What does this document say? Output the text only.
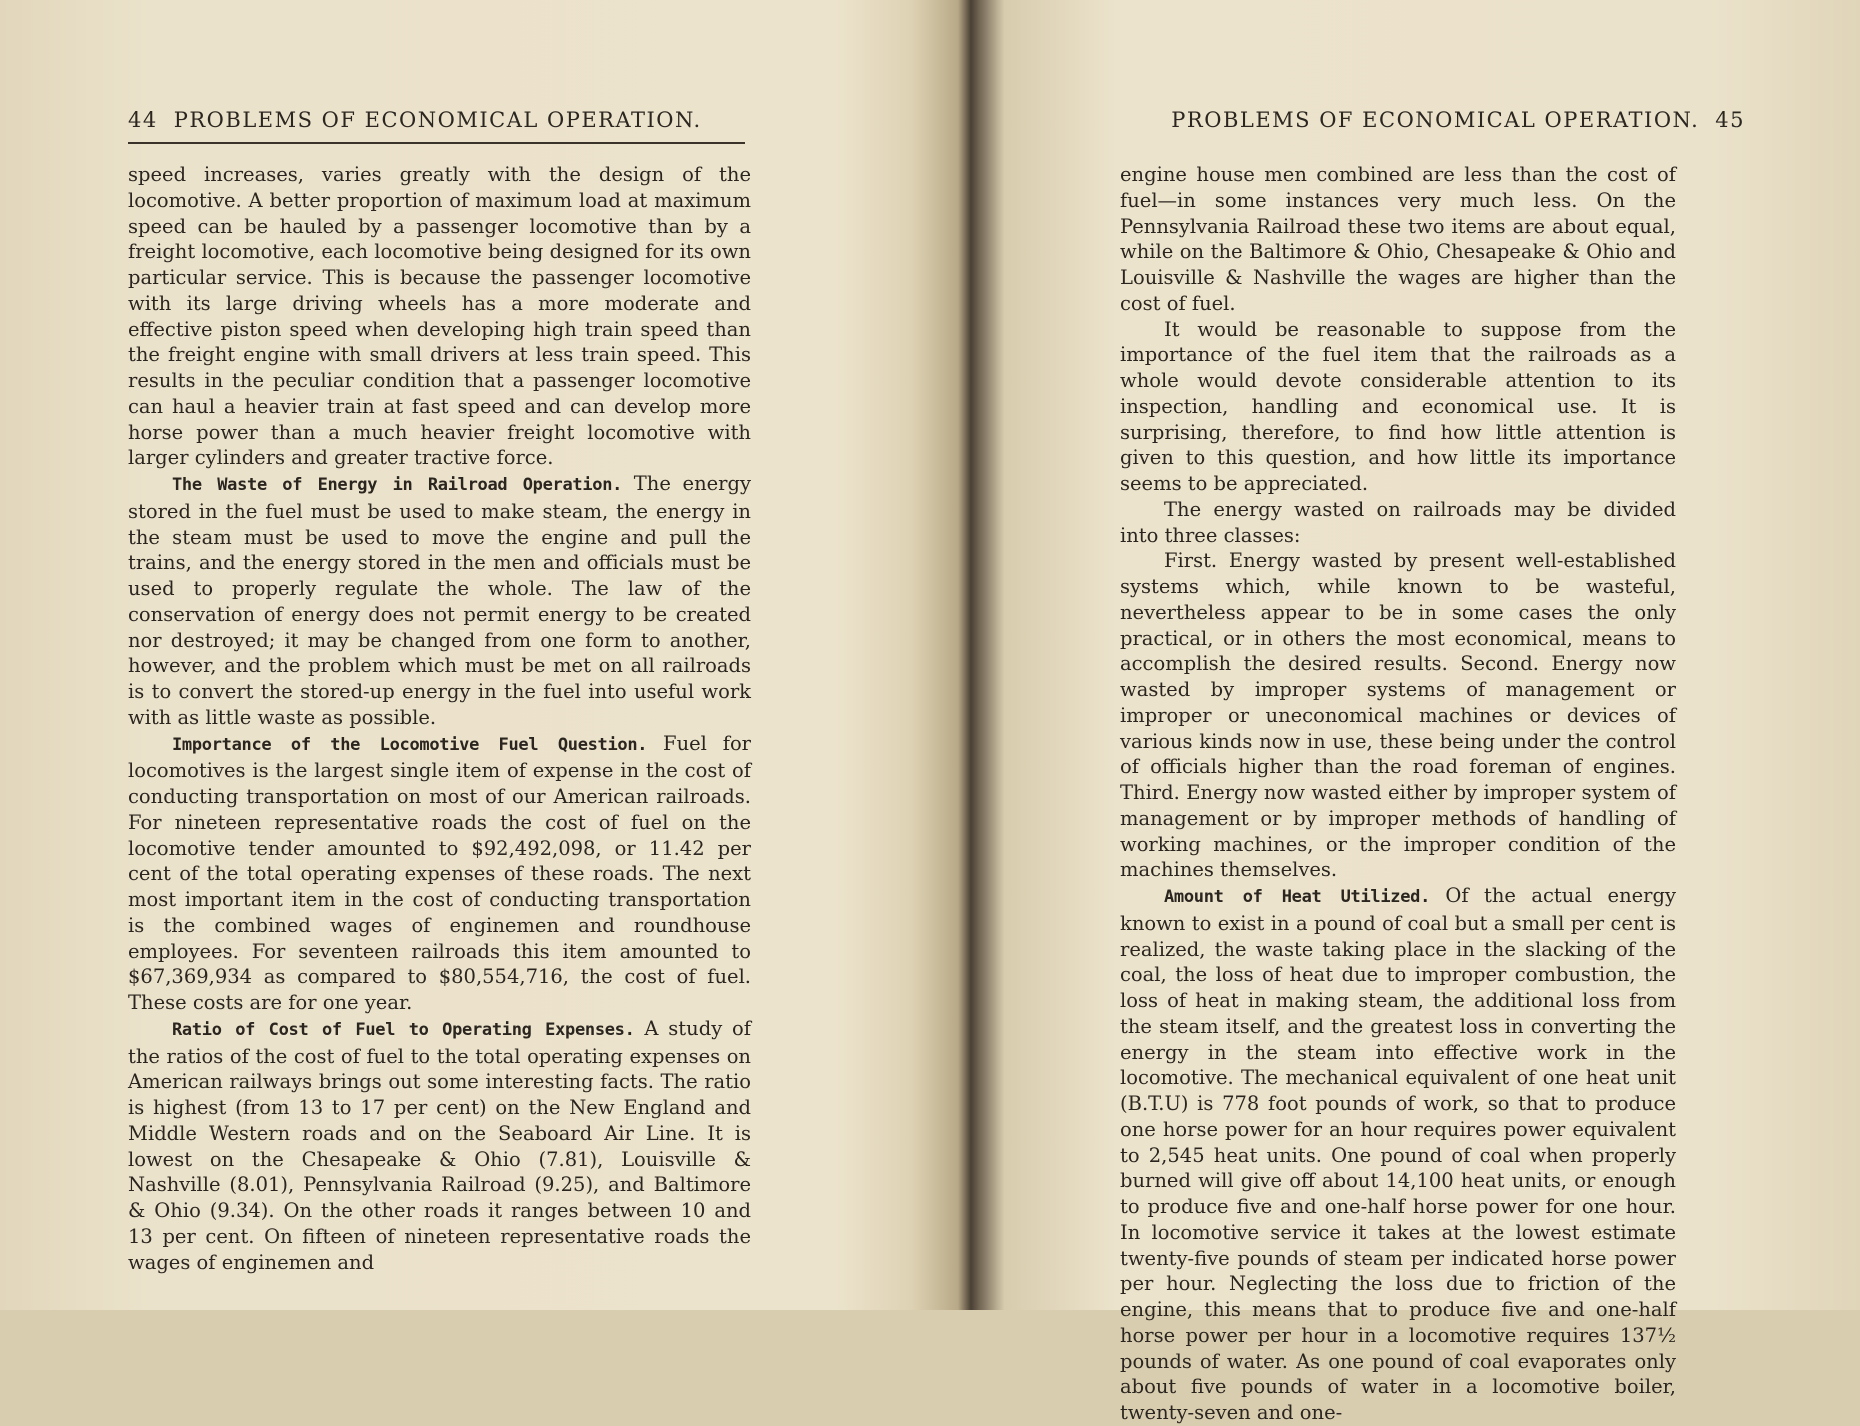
44 PROBLEMS OF ECONOMICAL OPERATION.

speed increases, varies greatly with the design of the locomotive. A better proportion of maximum load at maximum speed can be hauled by a passenger locomotive than by a freight locomotive, each locomotive being designed for its own particular service. This is because the passenger locomotive with its large driving wheels has a more moderate and effective piston speed when developing high train speed than the freight engine with small drivers at less train speed. This results in the peculiar condition that a passenger locomotive can haul a heavier train at fast speed and can develop more horse power than a much heavier freight locomotive with larger cylinders and greater tractive force.

The Waste of Energy in Railroad Operation. The energy stored in the fuel must be used to make steam, the energy in the steam must be used to move the engine and pull the trains, and the energy stored in the men and officials must be used to properly regulate the whole. The law of the conservation of energy does not permit energy to be created nor destroyed; it may be changed from one form to another, however, and the problem which must be met on all railroads is to convert the stored-up energy in the fuel into useful work with as little waste as possible.

Importance of the Locomotive Fuel Question. Fuel for locomotives is the largest single item of expense in the cost of conducting transportation on most of our American railroads. For nineteen representative roads the cost of fuel on the locomotive tender amounted to $92,492,098, or 11.42 per cent of the total operating expenses of these roads. The next most important item in the cost of conducting transportation is the combined wages of enginemen and roundhouse employees. For seventeen railroads this item amounted to $67,369,934 as compared to $80,554,716, the cost of fuel. These costs are for one year.

Ratio of Cost of Fuel to Operating Expenses. A study of the ratios of the cost of fuel to the total operating expenses on American railways brings out some interesting facts. The ratio is highest (from 13 to 17 per cent) on the New England and Middle Western roads and on the Seaboard Air Line. It is lowest on the Chesapeake & Ohio (7.81), Louisville & Nashville (8.01), Pennsylvania Railroad (9.25), and Baltimore & Ohio (9.34). On the other roads it ranges between 10 and 13 per cent. On fifteen of nineteen representative roads the wages of enginemen and

PROBLEMS OF ECONOMICAL OPERATION. 45

engine house men combined are less than the cost of fuel—in some instances very much less. On the Pennsylvania Railroad these two items are about equal, while on the Baltimore & Ohio, Chesapeake & Ohio and Louisville & Nashville the wages are higher than the cost of fuel.

It would be reasonable to suppose from the importance of the fuel item that the railroads as a whole would devote considerable attention to its inspection, handling and economical use. It is surprising, therefore, to find how little attention is given to this question, and how little its importance seems to be appreciated.

The energy wasted on railroads may be divided into three classes:

First. Energy wasted by present well-established systems which, while known to be wasteful, nevertheless appear to be in some cases the only practical, or in others the most economical, means to accomplish the desired results. Second. Energy now wasted by improper systems of management or improper or uneconomical machines or devices of various kinds now in use, these being under the control of officials higher than the road foreman of engines. Third. Energy now wasted either by improper system of management or by improper methods of handling of working machines, or the improper condition of the machines themselves.

Amount of Heat Utilized. Of the actual energy known to exist in a pound of coal but a small per cent is realized, the waste taking place in the slacking of the coal, the loss of heat due to improper combustion, the loss of heat in making steam, the additional loss from the steam itself, and the greatest loss in converting the energy in the steam into effective work in the locomotive. The mechanical equivalent of one heat unit (B.T.U) is 778 foot pounds of work, so that to produce one horse power for an hour requires power equivalent to 2,545 heat units. One pound of coal when properly burned will give off about 14,100 heat units, or enough to produce five and one-half horse power for one hour. In locomotive service it takes at the lowest estimate twenty-five pounds of steam per indicated horse power per hour. Neglecting the loss due to friction of the engine, this means that to produce five and one-half horse power per hour in a locomotive requires 137½ pounds of water. As one pound of coal evaporates only about five pounds of water in a locomotive boiler, twenty-seven and one-
